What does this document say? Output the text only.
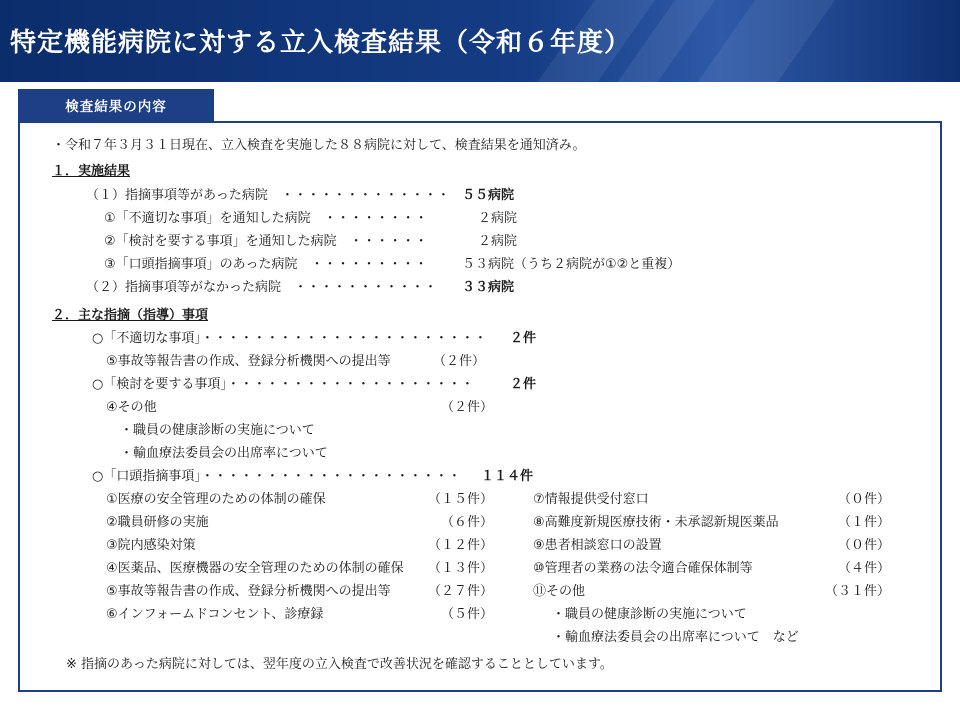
特定機能病院に対する立入検査結果（令和６年度）
検査結果の内容
・令和７年３月３１日現在、立入検査を実施した８８病院に対して、検査結果を通知済み。
１．実施結果
（１）指摘事項等があった病院　・・・・・・・・・・・・・ ５５病院
①「不適切な事項」を通知した病院　・・・・・・・・	２病院
②「検討を要する事項」を通知した病院　・・・・・・	２病院
③「口頭指摘事項」のあった病院　・・・・・・・・・	５３病院（うち２病院が①②と重複）
（２）指摘事項等がなかった病院　・・・・・・・・・・・ ３３病院
２．主な指摘（指導）事項
○「不適切な事項」・・・・・・・・・・・・・・・・・・・・・・ ２件
⑤事故等報告書の作成、登録分析機関への提出等	（２件）
○「検討を要する事項」・・・・・・・・・・・・・・・・・・・	２件
④その他	（２件）
・職員の健康診断の実施について
・輸血療法委員会の出席率について
○「口頭指摘事項」・・・・・・・・・・・・・・・・・・・・ １１４件
①医療の安全管理のための体制の確保	（１５件）
②職員研修の実施	（６件）
③院内感染対策	（１２件）
④医薬品、医療機器の安全管理のための体制の確保 （１３件）
⑤事故等報告書の作成、登録分析機関への提出等	（２７件）
⑥インフォームドコンセント、診療録	（５件）
⑦情報提供受付窓口	（０件）
⑧高難度新規医療技術・未承認新規医薬品	（１件）
⑨患者相談窓口の設置	（０件）
⑩管理者の業務の法令適合確保体制等	（４件）
⑪その他	（３１件）
・職員の健康診断の実施について
・輸血療法委員会の出席率について　など
※ 指摘のあった病院に対しては、翌年度の立入検査で改善状況を確認することとしています。
